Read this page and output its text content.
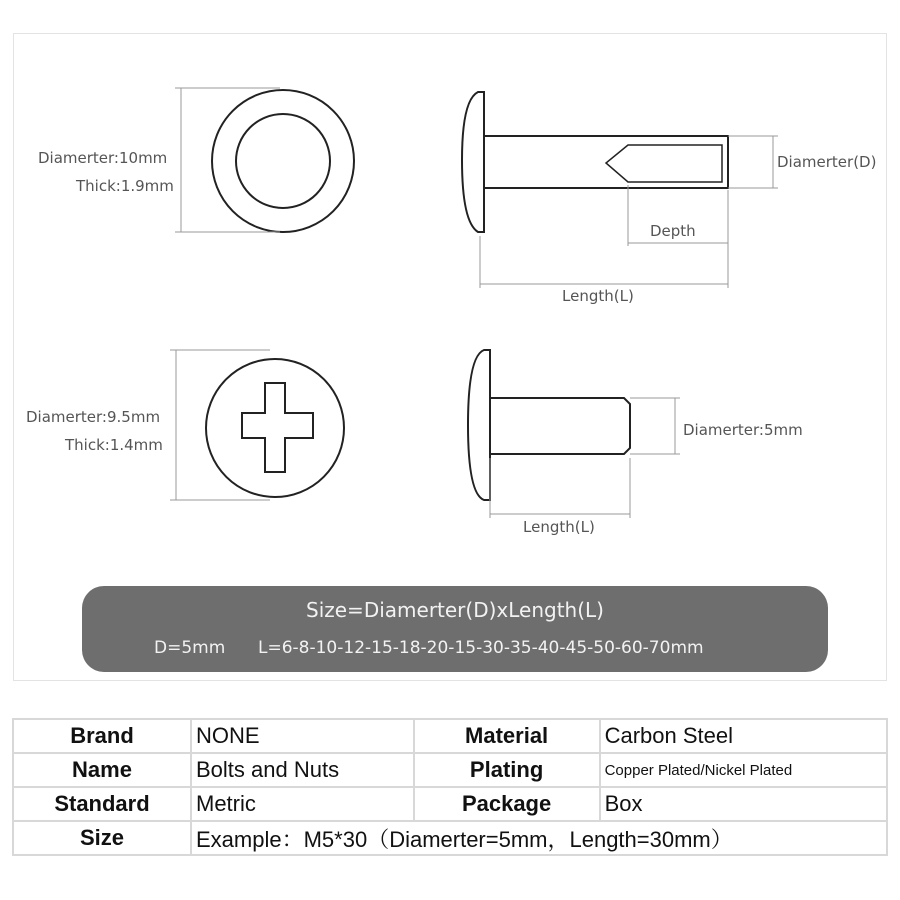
Diamerter:10mm
Thick:1.9mm
Diamerter(D)
Depth
Length(L)
Diamerter:9.5mm
Thick:1.4mm
Diamerter:5mm
Length(L)
Size=Diamerter(D)xLength(L)
D=5mm L=6-8-10-12-15-18-20-15-30-35-40-45-50-60-70mm
Brand	NONE	Material	Carbon Steel
Name	Bolts and Nuts	Plating	Copper Plated/Nickel Plated
Standard	Metric	Package	Box
Size	Example：M5*30（Diamerter=5mm，Length=30mm）		
